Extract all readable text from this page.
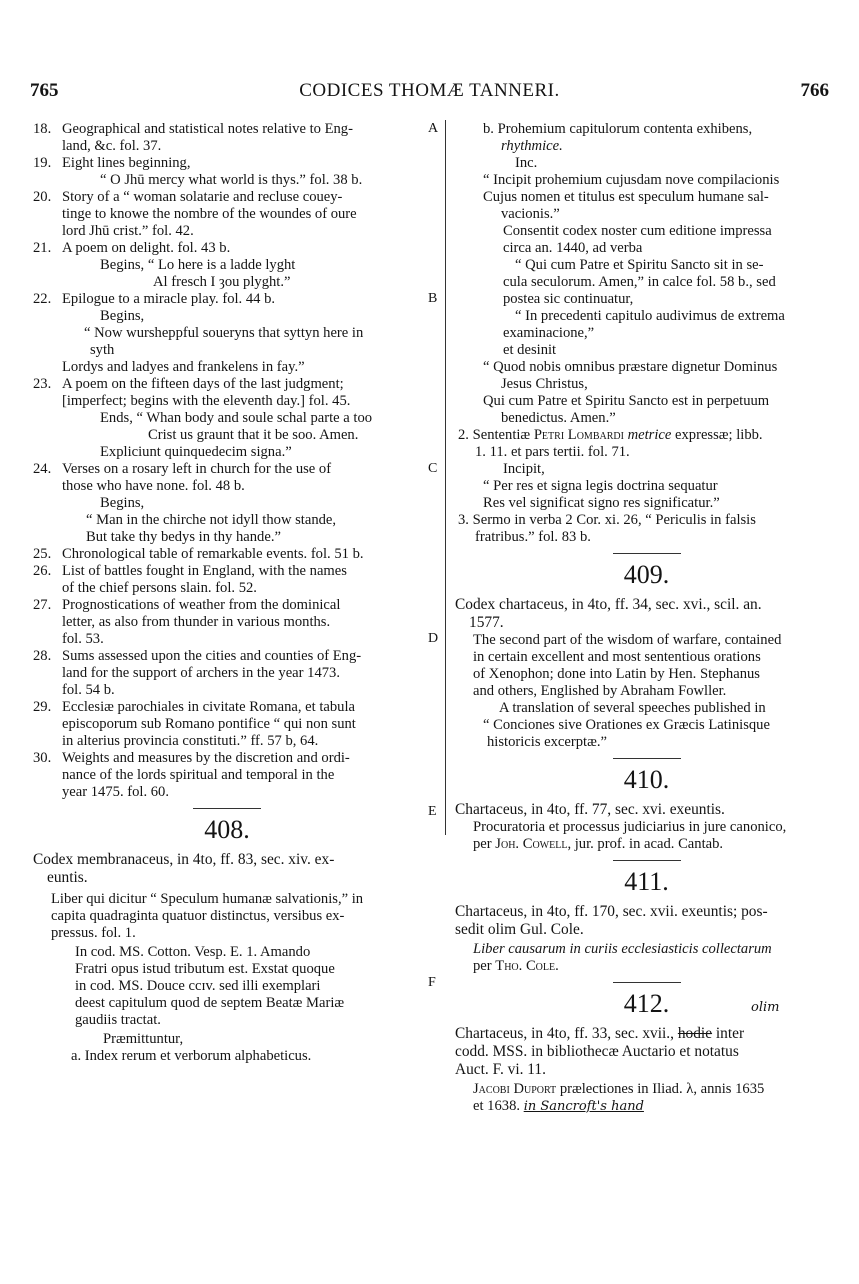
765	CODICES THOMÆ TANNERI.	766
A
B
C
D
E
F
18. Geographical and statistical notes relative to Eng-

land, &c. fol. 37.

19. Eight lines beginning,

“ O Jhū mercy what world is thys.” fol. 38 b.

20. Story of a “ woman solatarie and recluse couey-

tinge to knowe the nombre of the woundes of oure

lord Jhū crist.” fol. 42.

21. A poem on delight. fol. 43 b.

Begins, “ Lo here is a ladde lyght

Al fresch I ȝou plyght.”

22. Epilogue to a miracle play. fol. 44 b.

Begins,

“ Now wursheppful soueryns that syttyn here in

syth

Lordys and ladyes and frankelens in fay.”

23. A poem on the fifteen days of the last judgment;

[imperfect; begins with the eleventh day.] fol. 45.

Ends, “ Whan body and soule schal parte a too

Crist us graunt that it be soo. Amen.

Expliciunt quinquedecim signa.”

24. Verses on a rosary left in church for the use of

those who have none. fol. 48 b.

Begins,

“ Man in the chirche not idyll thow stande,

But take thy bedys in thy hande.”

25. Chronological table of remarkable events. fol. 51 b.

26. List of battles fought in England, with the names

of the chief persons slain. fol. 52.

27. Prognostications of weather from the dominical

letter, as also from thunder in various months.

fol. 53.

28. Sums assessed upon the cities and counties of Eng-

land for the support of archers in the year 1473.

fol. 54 b.

29. Ecclesiæ parochiales in civitate Romana, et tabula

episcoporum sub Romano pontifice “ qui non sunt

in alterius provincia constituti.” ff. 57 b, 64.

30. Weights and measures by the discretion and ordi-

nance of the lords spiritual and temporal in the

year 1475. fol. 60.

408.

Codex membranaceus, in 4to, ff. 83, sec. xiv. ex-

euntis.

Liber qui dicitur “ Speculum humanæ salvationis,” in

capita quadraginta quatuor distinctus, versibus ex-

pressus. fol. 1.

In cod. MS. Cotton. Vesp. E. 1. Amando

Fratri opus istud tributum est. Exstat quoque

in cod. MS. Douce ccɪv. sed illi exemplari

deest capitulum quod de septem Beatæ Mariæ

gaudiis tractat.

Præmittuntur,

a. Index rerum et verborum alphabeticus.

b. Prohemium capitulorum contenta exhibens,

rhythmice.

Inc.

“ Incipit prohemium cujusdam nove compilacionis

Cujus nomen et titulus est speculum humane sal-

vacionis.”

Consentit codex noster cum editione impressa

circa an. 1440, ad verba

“ Qui cum Patre et Spiritu Sancto sit in se-

cula seculorum. Amen,” in calce fol. 58 b., sed

postea sic continuatur,

“ In precedenti capitulo audivimus de extrema

examinacione,”

et desinit

“ Quod nobis omnibus præstare dignetur Dominus

Jesus Christus,

Qui cum Patre et Spiritu Sancto est in perpetuum

benedictus. Amen.”

2. Sententiæ Petri Lombardi metrice expressæ; libb.

1. 11. et pars tertii. fol. 71.

Incipit,

“ Per res et signa legis doctrina sequatur

Res vel significat signo res significatur.”

3. Sermo in verba 2 Cor. xi. 26, “ Periculis in falsis

fratribus.” fol. 83 b.

409.

Codex chartaceus, in 4to, ff. 34, sec. xvi., scil. an.

1577.

The second part of the wisdom of warfare, contained

in certain excellent and most sententious orations

of Xenophon; done into Latin by Hen. Stephanus

and others, Englished by Abraham Fowller.

A translation of several speeches published in

“ Conciones sive Orationes ex Græcis Latinisque

historicis excerptæ.”

410.

Chartaceus, in 4to, ff. 77, sec. xvi. exeuntis.

Procuratoria et processus judiciarius in jure canonico,

per Joh. Cowell, jur. prof. in acad. Cantab.

411.

Chartaceus, in 4to, ff. 170, sec. xvii. exeuntis; pos-

sedit olim Gul. Cole.

Liber causarum in curiis ecclesiasticis collectarum

per Tho. Cole.

412.	olim

Chartaceus, in 4to, ff. 33, sec. xvii., hodie inter

codd. MSS. in bibliothecæ Auctario et notatus

Auct. F. vi. 11.

Jacobi Duport prælectiones in Iliad. λ, annis 1635

et 1638. in Sancroft's hand
